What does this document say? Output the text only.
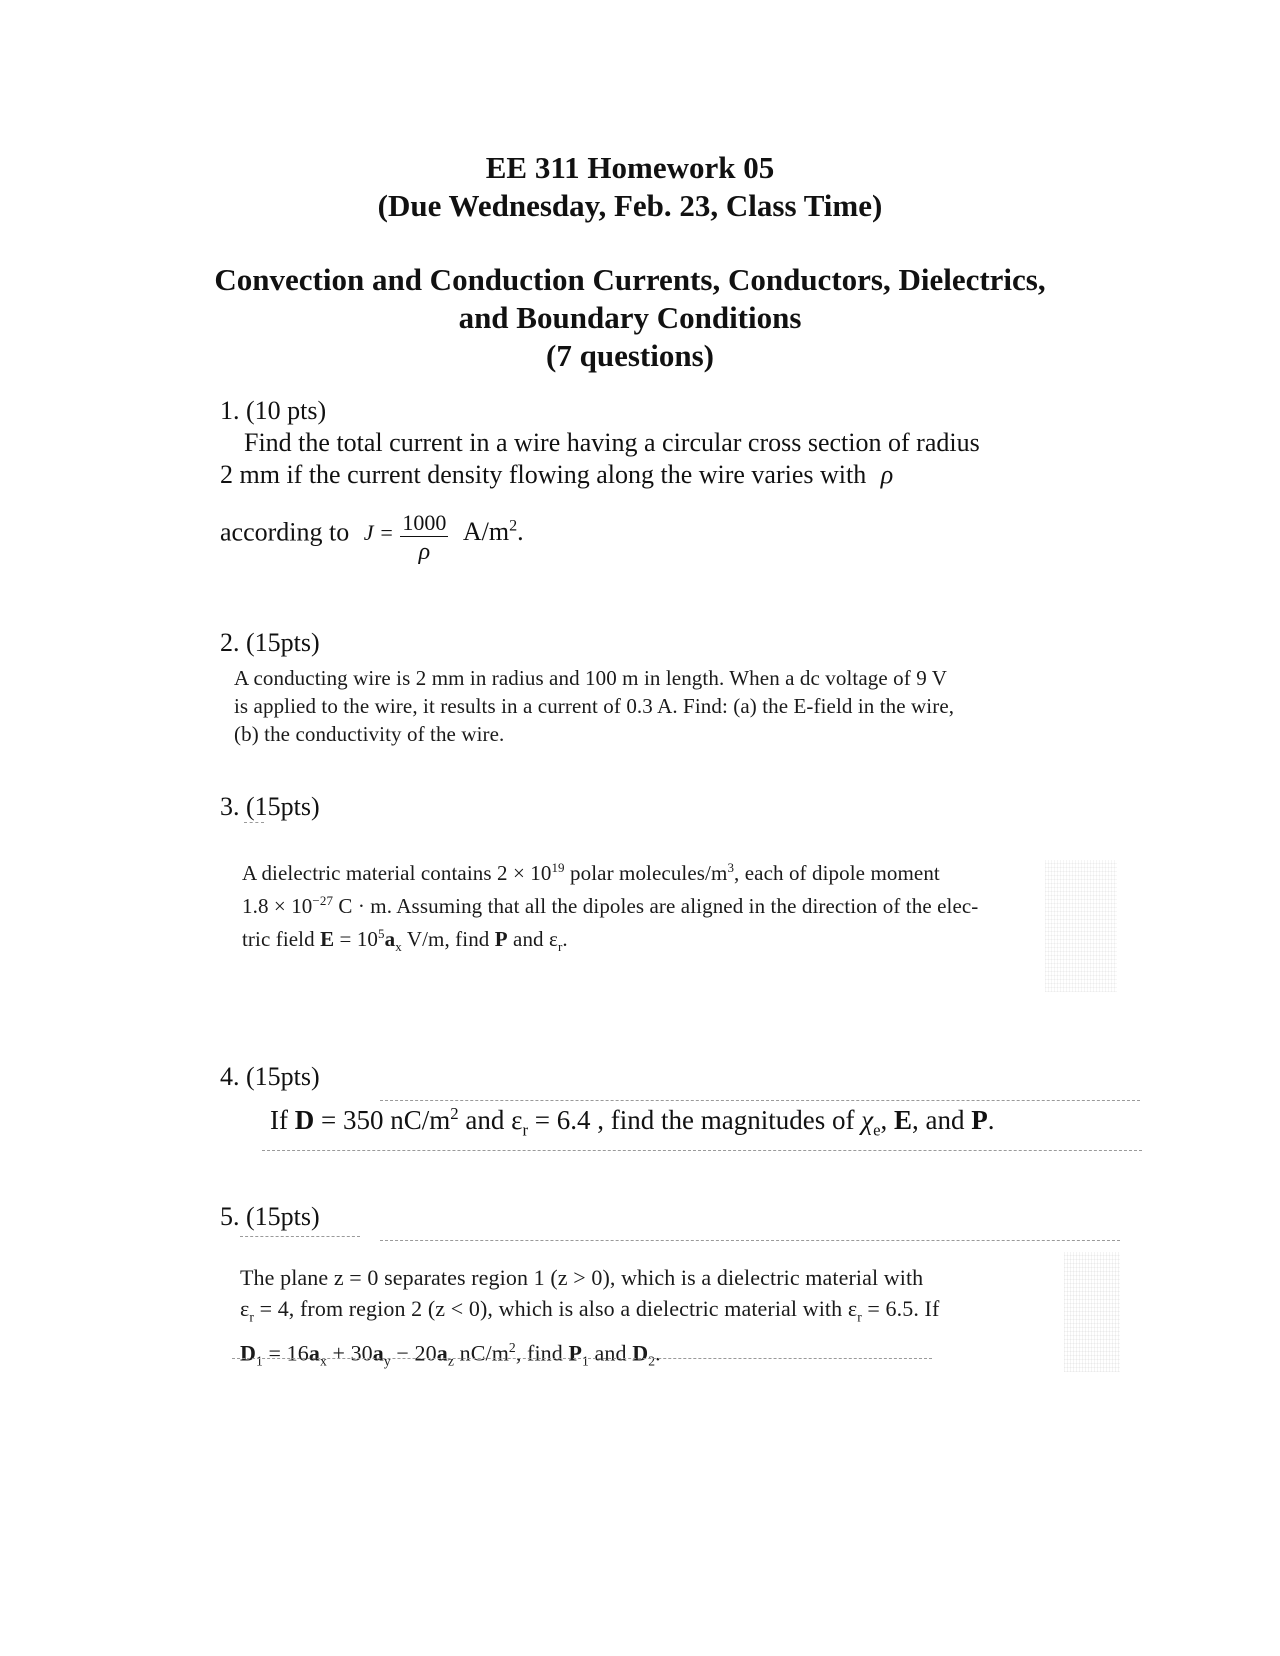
EE 311 Homework 05
(Due Wednesday, Feb. 23, Class Time)
Convection and Conduction Currents, Conductors, Dielectrics,
and Boundary Conditions
(7 questions)
1. (10 pts)
Find the total current in a wire having a circular cross section of radius
2 mm if the current density flowing along the wire varies with ρ
according to $J = \frac{1000}{\rho} A/m^2$.
2. (15pts)
A conducting wire is 2 mm in radius and 100 m in length. When a dc voltage of 9 V
is applied to the wire, it results in a current of 0.3 A. Find: (a) the E-field in the wire,
(b) the conductivity of the wire.
3. (15pts)
A dielectric material contains $2 \times 10^{19}$ polar molecules/$m^3$, each of dipole moment
$1.8 \times 10^{-27}$ C · m. Assuming that all the dipoles are aligned in the direction of the elec-
tric field $E = 10^5a_x$ V/m, find P and $\varepsilon_r$.
4. (15pts)
If D = 350 $nC/m^2$ and $\varepsilon_r = 6.4$ , find the magnitudes of $\chi_e$, E, and P.
5. (15pts)
The plane z = 0 separates region 1 (z > 0), which is a dielectric material with
$\varepsilon_r = 4$, from region 2 (z < 0), which is also a dielectric material with $\varepsilon_r = 6.5$. If
$D_1 = 16a_x + 30a_y - 20a_z$ $nC/m^2$, find $P_1$ and $D_2$.
